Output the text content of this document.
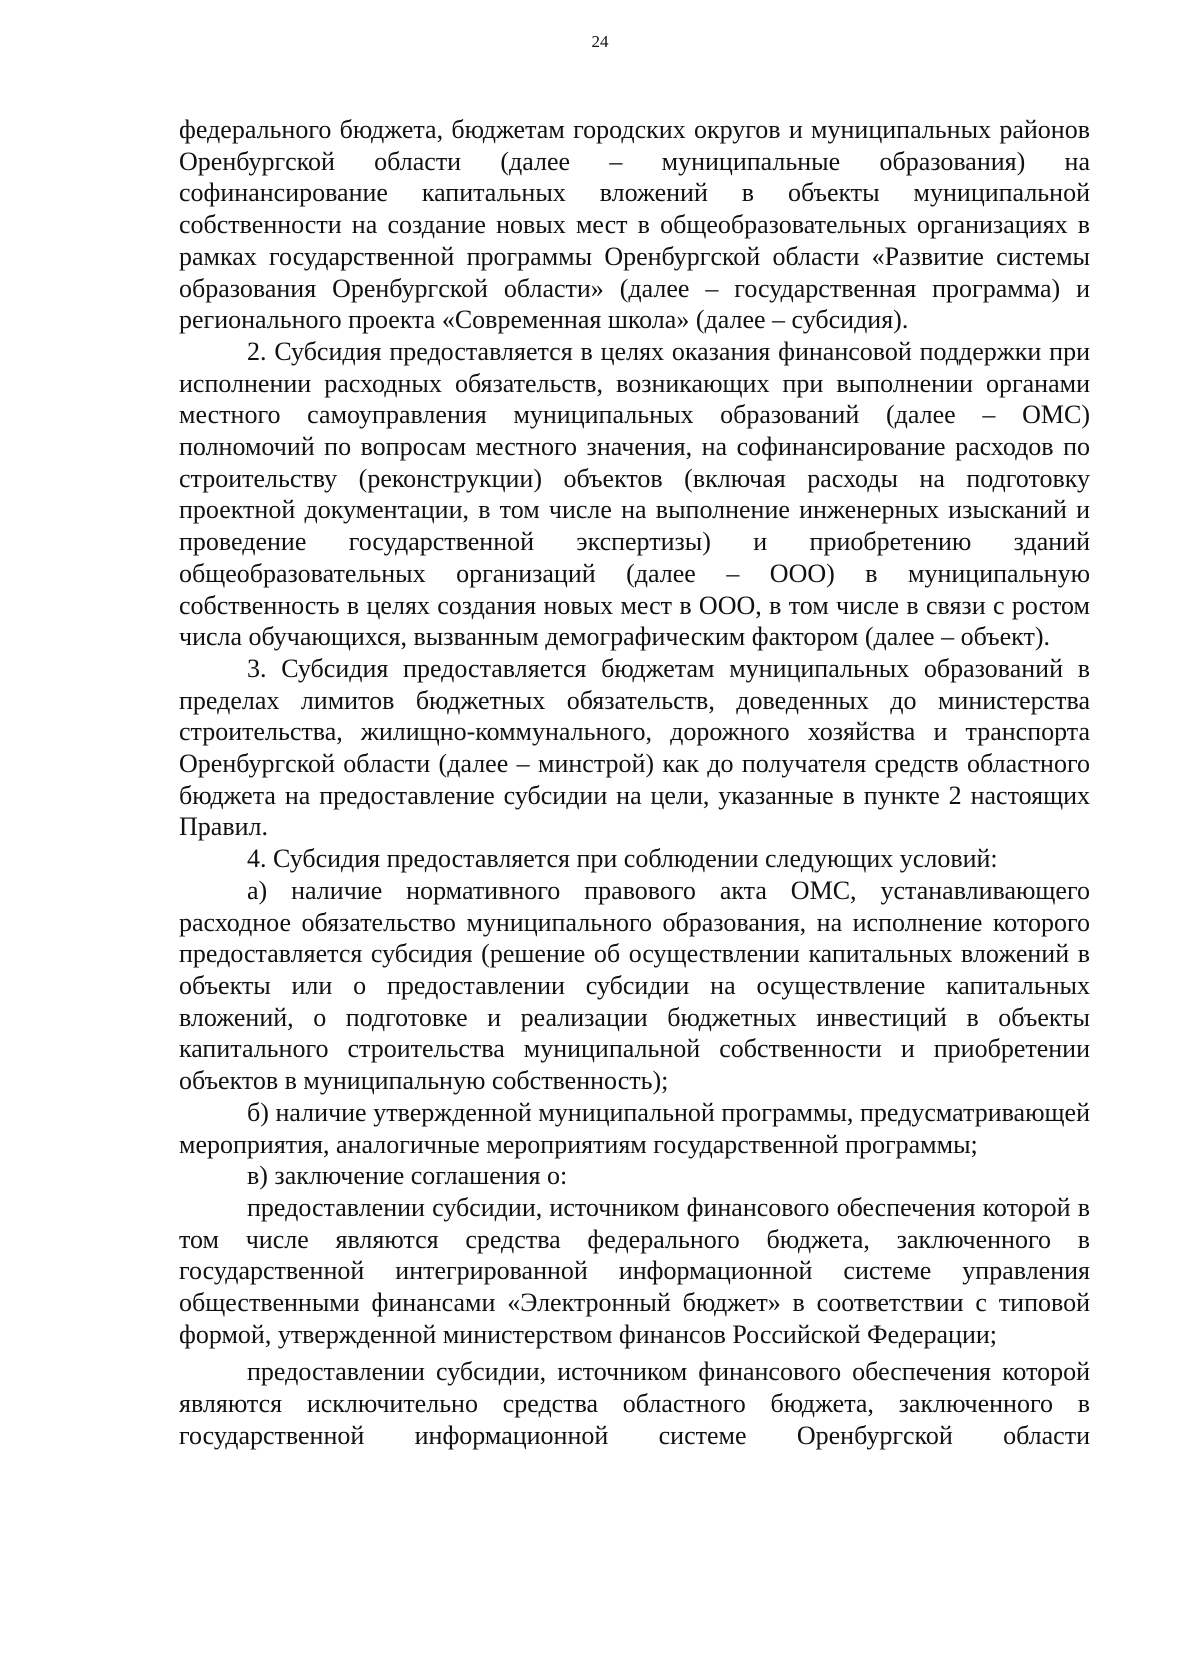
24

федерального бюджета, бюджетам городских округов и муниципальных районов Оренбургской области (далее – муниципальные образования) на софинансирование капитальных вложений в объекты муниципальной собственности на создание новых мест в общеобразовательных организациях в рамках государственной программы Оренбургской области «Развитие системы образования Оренбургской области» (далее – государственная программа) и регионального проекта «Современная школа» (далее – субсидия).

2. Субсидия предоставляется в целях оказания финансовой поддержки при исполнении расходных обязательств, возникающих при выполнении органами местного самоуправления муниципальных образований (далее – ОМС) полномочий по вопросам местного значения, на софинансирование расходов по строительству (реконструкции) объектов (включая расходы на подготовку проектной документации, в том числе на выполнение инженерных изысканий и проведение государственной экспертизы) и приобретению зданий общеобразовательных организаций (далее – ООО) в муниципальную собственность в целях создания новых мест в ООО, в том числе в связи с ростом числа обучающихся, вызванным демографическим фактором (далее – объект).

3. Субсидия предоставляется бюджетам муниципальных образований в пределах лимитов бюджетных обязательств, доведенных до министерства строительства, жилищно-коммунального, дорожного хозяйства и транспорта Оренбургской области (далее – минстрой) как до получателя средств областного бюджета на предоставление субсидии на цели, указанные в пункте 2 настоящих Правил.

4. Субсидия предоставляется при соблюдении следующих условий:

а) наличие нормативного правового акта ОМС, устанавливающего расходное обязательство муниципального образования, на исполнение которого предоставляется субсидия (решение об осуществлении капитальных вложений в объекты или о предоставлении субсидии на осуществление капитальных вложений, о подготовке и реализации бюджетных инвестиций в объекты капитального строительства муниципальной собственности и приобретении объектов в муниципальную собственность);

б) наличие утвержденной муниципальной программы, предусматривающей мероприятия, аналогичные мероприятиям государственной программы;

в) заключение соглашения о:

предоставлении субсидии, источником финансового обеспечения которой в том числе являются средства федерального бюджета, заключенного в государственной интегрированной информационной системе управления общественными финансами «Электронный бюджет» в соответствии с типовой формой, утвержденной министерством финансов Российской Федерации;

предоставлении субсидии, источником финансового обеспечения которой являются исключительно средства областного бюджета, заключенного в государственной информационной системе Оренбургской области
